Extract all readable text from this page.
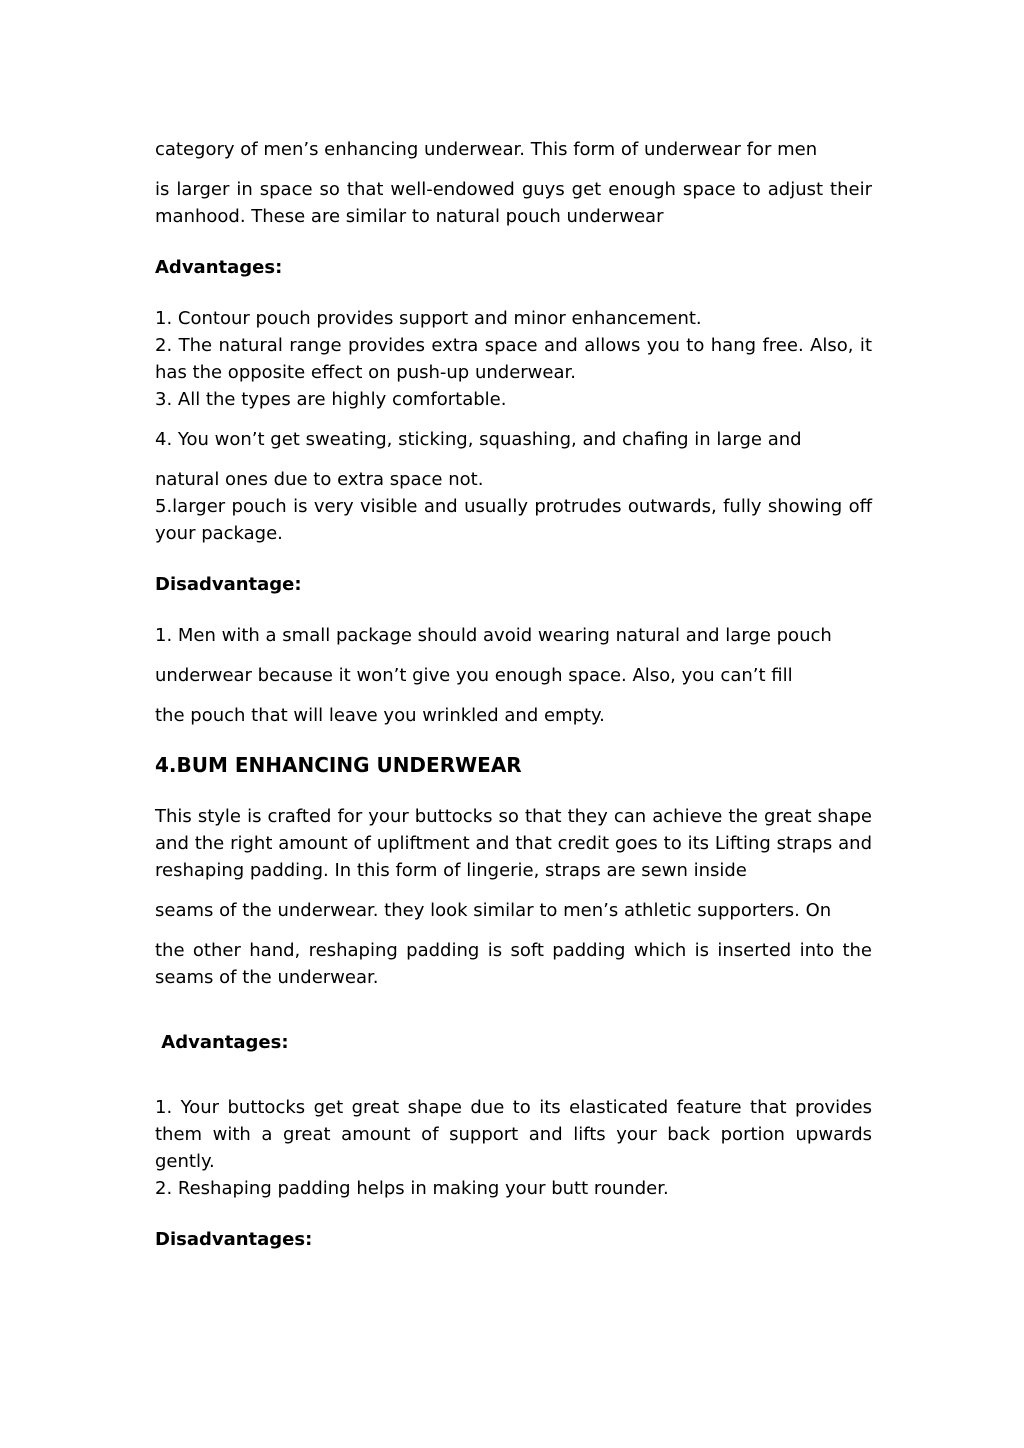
category of men’s enhancing underwear. This form of underwear for men

is larger in space so that well-endowed guys get enough space to adjust their manhood. These are similar to natural pouch underwear

Advantages:

1. Contour pouch provides support and minor enhancement.

2. The natural range provides extra space and allows you to hang free. Also, it has the opposite effect on push-up underwear.

3. All the types are highly comfortable.

4. You won’t get sweating, sticking, squashing, and chafing in large and

natural ones due to extra space not.

5.larger pouch is very visible and usually protrudes outwards, fully showing off your package.

Disadvantage:

1. Men with a small package should avoid wearing natural and large pouch

underwear because it won’t give you enough space. Also, you can’t fill

the pouch that will leave you wrinkled and empty.

4.BUM ENHANCING UNDERWEAR

This style is crafted for your buttocks so that they can achieve the great shape and the right amount of upliftment and that credit goes to its Lifting straps and reshaping padding. In this form of lingerie, straps are sewn inside

seams of the underwear. they look similar to men’s athletic supporters. On

the other hand, reshaping padding is soft padding which is inserted into the seams of the underwear.

Advantages:

1. Your buttocks get great shape due to its elasticated feature that provides them with a great amount of support and lifts your back portion upwards gently.

2. Reshaping padding helps in making your butt rounder.

Disadvantages:
